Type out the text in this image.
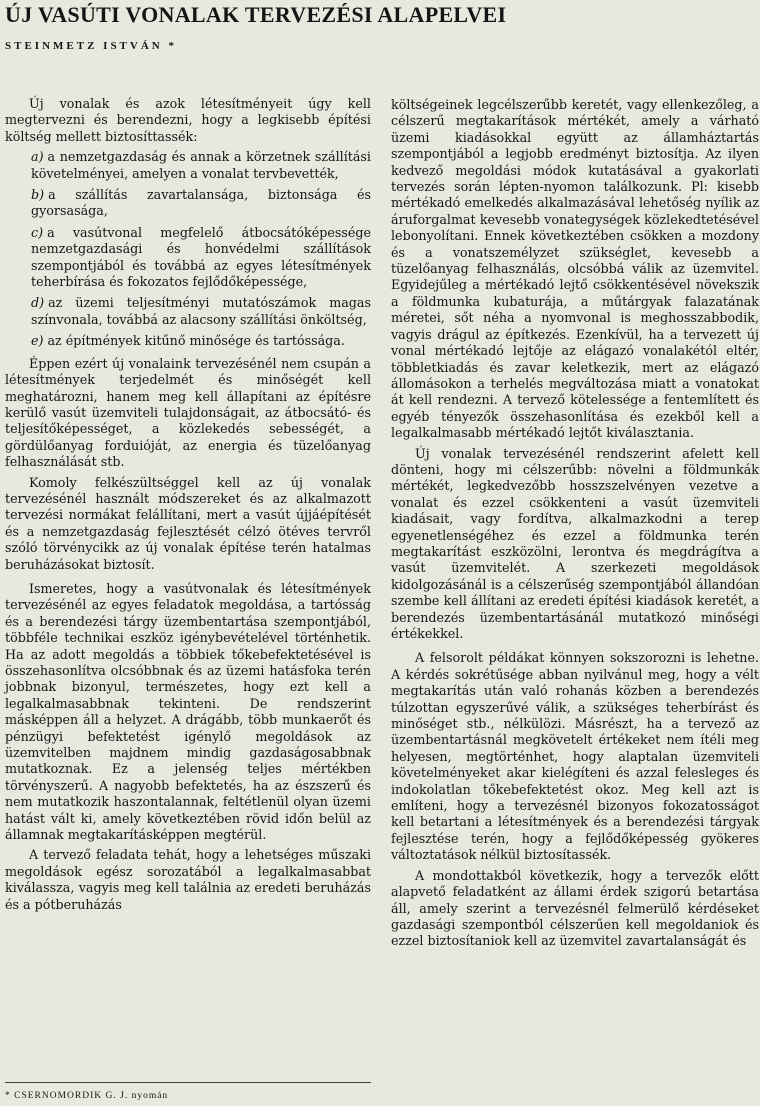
ÚJ VASÚTI VONALAK TERVEZÉSI ALAPELVEI
STEINMETZ ISTVÁN *

Új vonalak és azok létesítményeit úgy kell megtervezni és berendezni, hogy a legkisebb építési költség mellett biztosíttassék:

a) a nemzetgazdaság és annak a körzetnek szállítási követelményei, amelyen a vonalat tervbevették,
b) a szállítás zavartalansága, biztonsága és gyorsasága,
c) a vasútvonal megfelelő átbocsátóképessége nemzetgazdasági és honvédelmi szállítások szempontjából és továbbá az egyes létesítmények teherbírása és fokozatos fejlődőképessége,
d) az üzemi teljesítményi mutatószámok magas színvonala, továbbá az alacsony szállítási önköltség,
e) az építmények kitűnő minősége és tartóssága.

Éppen ezért új vonalaink tervezésénél nem csupán a létesítmények terjedelmét és minőségét kell meghatározni, hanem meg kell állapítani az építésre kerülő vasút üzemviteli tulajdonságait, az átbocsátó- és teljesítőképességet, a közlekedés sebességét, a gördülőanyag forduióját, az energia és tüzelőanyag felhasználását stb.

Komoly felkészültséggel kell az új vonalak tervezésénél használt módszereket és az alkalmazott tervezési normákat felállítani, mert a vasút újjáépítését és a nemzetgazdaság fejlesztését célzó ötéves tervről szóló törvénycikk az új vonalak építése terén hatalmas beruházásokat biztosít.

Ismeretes, hogy a vasútvonalak és létesítmények tervezésénél az egyes feladatok megoldása, a tartósság és a berendezési tárgy üzembentartása szempontjából, többféle technikai eszköz igénybevételével történhetik. Ha az adott megoldás a többiek tőkebefektetésével is összehasonlítva olcsóbbnak és az üzemi hatásfoka terén jobbnak bizonyul, természetes, hogy ezt kell a legalkalmasabbnak tekinteni. De rendszerint másképpen áll a helyzet. A drágább, több munkaerőt és pénzügyi befektetést igénylő megoldások az üzemvitelben majdnem mindig gazdaságosabbnak mutatkoznak. Ez a jelenség teljes mértékben törvényszerű. A nagyobb befektetés, ha az észszerű és nem mutatkozik haszontalannak, feltétlenül olyan üzemi hatást vált ki, amely következtében rövid időn belül az államnak megtakarításképpen megtérül.

A tervező feladata tehát, hogy a lehetséges műszaki megoldások egész sorozatából a legalkalmasabbat kiválassza, vagyis meg kell találnia az eredeti beruházás és a pótberuházás

költségeinek legcélszerűbb keretét, vagy ellenkezőleg, a célszerű megtakarítások mértékét, amely a várható üzemi kiadásokkal együtt az államháztartás szempontjából a legjobb eredményt biztosítja. Az ilyen kedvező megoldási módok kutatásával a gyakorlati tervezés során lépten-nyomon találkozunk. Pl: kisebb mértékadó emelkedés alkalmazásával lehetőség nyílik az áruforgalmat kevesebb vonategységek közlekedtetésével lebonyolítani. Ennek következtében csökken a mozdony és a vonatszemélyzet szükséglet, kevesebb a tüzelőanyag felhasználás, olcsóbbá válik az üzemvitel. Egyidejűleg a mértékadó lejtő csökkentésével növekszik a földmunka kubaturája, a műtárgyak falazatának méretei, sőt néha a nyomvonal is meghosszabbodik, vagyis drágul az építkezés. Ezenkívül, ha a tervezett új vonal mértékadó lejtője az elágazó vonalakétól eltér, többletkiadás és zavar keletkezik, mert az elágazó állomásokon a terhelés megváltozása miatt a vonatokat át kell rendezni. A tervező kötelessége a fentemlített és egyéb tényezők összehasonlítása és ezekből kell a legalkalmasabb mértékadó lejtőt kiválasztania.

Új vonalak tervezésénél rendszerint afelett kell dönteni, hogy mi célszerűbb: növelni a földmunkák mértékét, legkedvezőbb hosszszelvényen vezetve a vonalat és ezzel csökkenteni a vasút üzemviteli kiadásait, vagy fordítva, alkalmazkodni a terep egyenetlenségéhez és ezzel a földmunka terén megtakarítást eszközölni, lerontva és megdrágítva a vasút üzemvitelét. A szerkezeti megoldások kidolgozásánál is a célszerűség szempontjából állandóan szembe kell állítani az eredeti építési kiadások keretét, a berendezés üzembentartásánál mutatkozó minőségi értékekkel.

A felsorolt példákat könnyen sokszorozni is lehetne. A kérdés sokrétűsége abban nyilvánul meg, hogy a vélt megtakarítás után való rohanás közben a berendezés túlzottan egyszerűvé válik, a szükséges teherbírást és minőséget stb., nélkülözi. Másrészt, ha a tervező az üzembentartásnál megkövetelt értékeket nem ítéli meg helyesen, megtörténhet, hogy alaptalan üzemviteli követelményeket akar kielégíteni és azzal felesleges és indokolatlan tőkebefektetést okoz. Meg kell azt is említeni, hogy a tervezésnél bizonyos fokozatosságot kell betartani a létesítmények és a berendezési tárgyak fejlesztése terén, hogy a fejlődőképesség gyökeres változtatások nélkül biztosítassék.

A mondottakból következik, hogy a tervezők előtt alapvető feladatként az állami érdek szigorú betartása áll, amely szerint a tervezésnél felmerülő kérdéseket gazdasági szempontból célszerűen kell megoldaniok és ezzel biztosítaniok kell az üzemvitel zavartalanságát és

* CSERNOMORDIK G. J. nyomán
